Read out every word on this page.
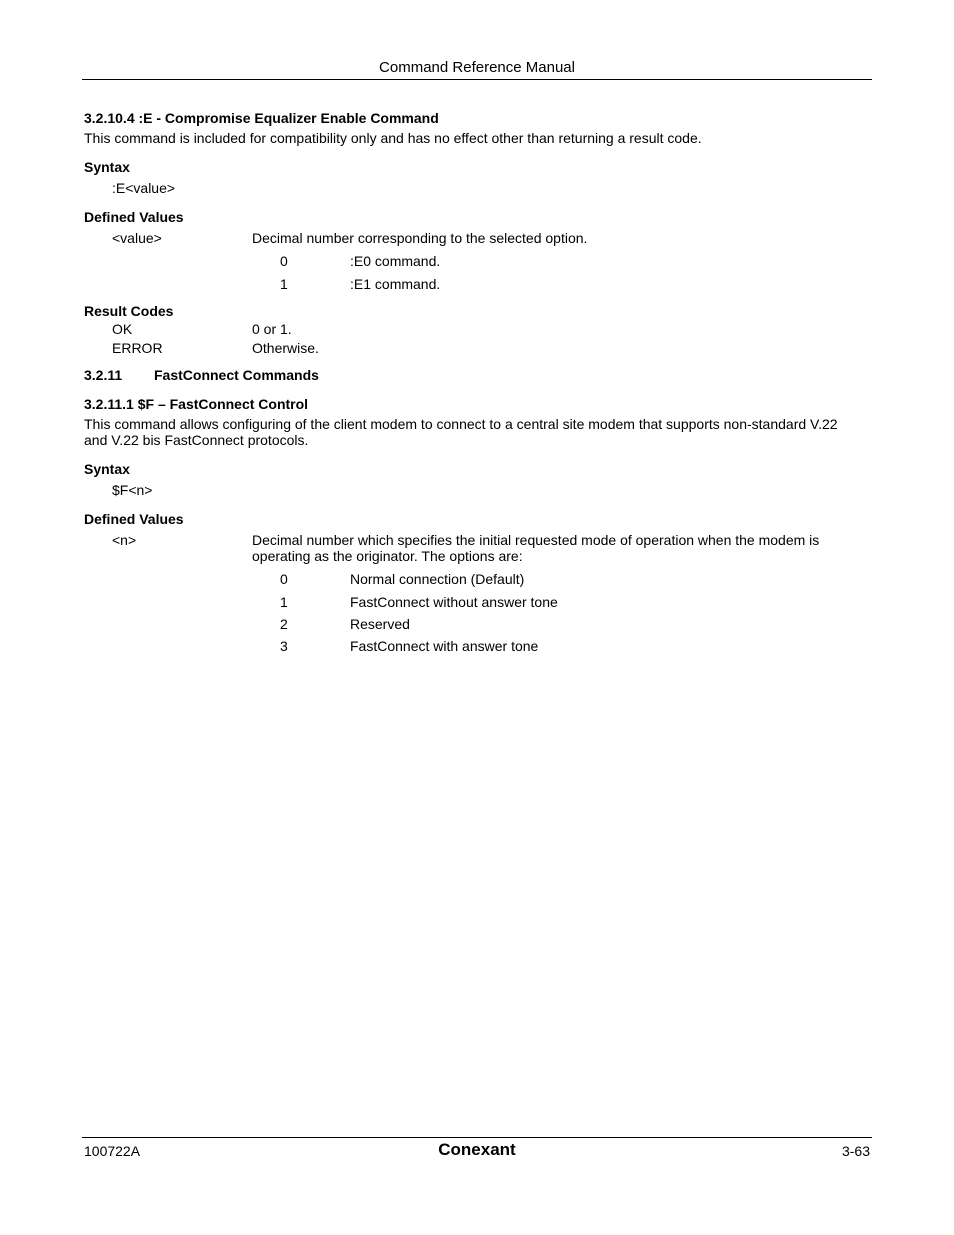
Command Reference Manual
3.2.10.4 :E - Compromise Equalizer Enable Command
This command is included for compatibility only and has no effect other than returning a result code.
Syntax
:E<value>
Defined Values
<value>	Decimal number corresponding to the selected option.
0	:E0 command.
1	:E1 command.
Result Codes
OK	0 or 1.
ERROR	Otherwise.
3.2.11 FastConnect Commands
3.2.11.1 $F – FastConnect Control
This command allows configuring of the client modem to connect to a central site modem that supports non-standard V.22
and V.22 bis FastConnect protocols.
Syntax
$F<n>
Defined Values
<n>	Decimal number which specifies the initial requested mode of operation when the modem is
operating as the originator. The options are:
0	Normal connection (Default)
1	FastConnect without answer tone
2	Reserved
3	FastConnect with answer tone
100722A	Conexant	3-63
